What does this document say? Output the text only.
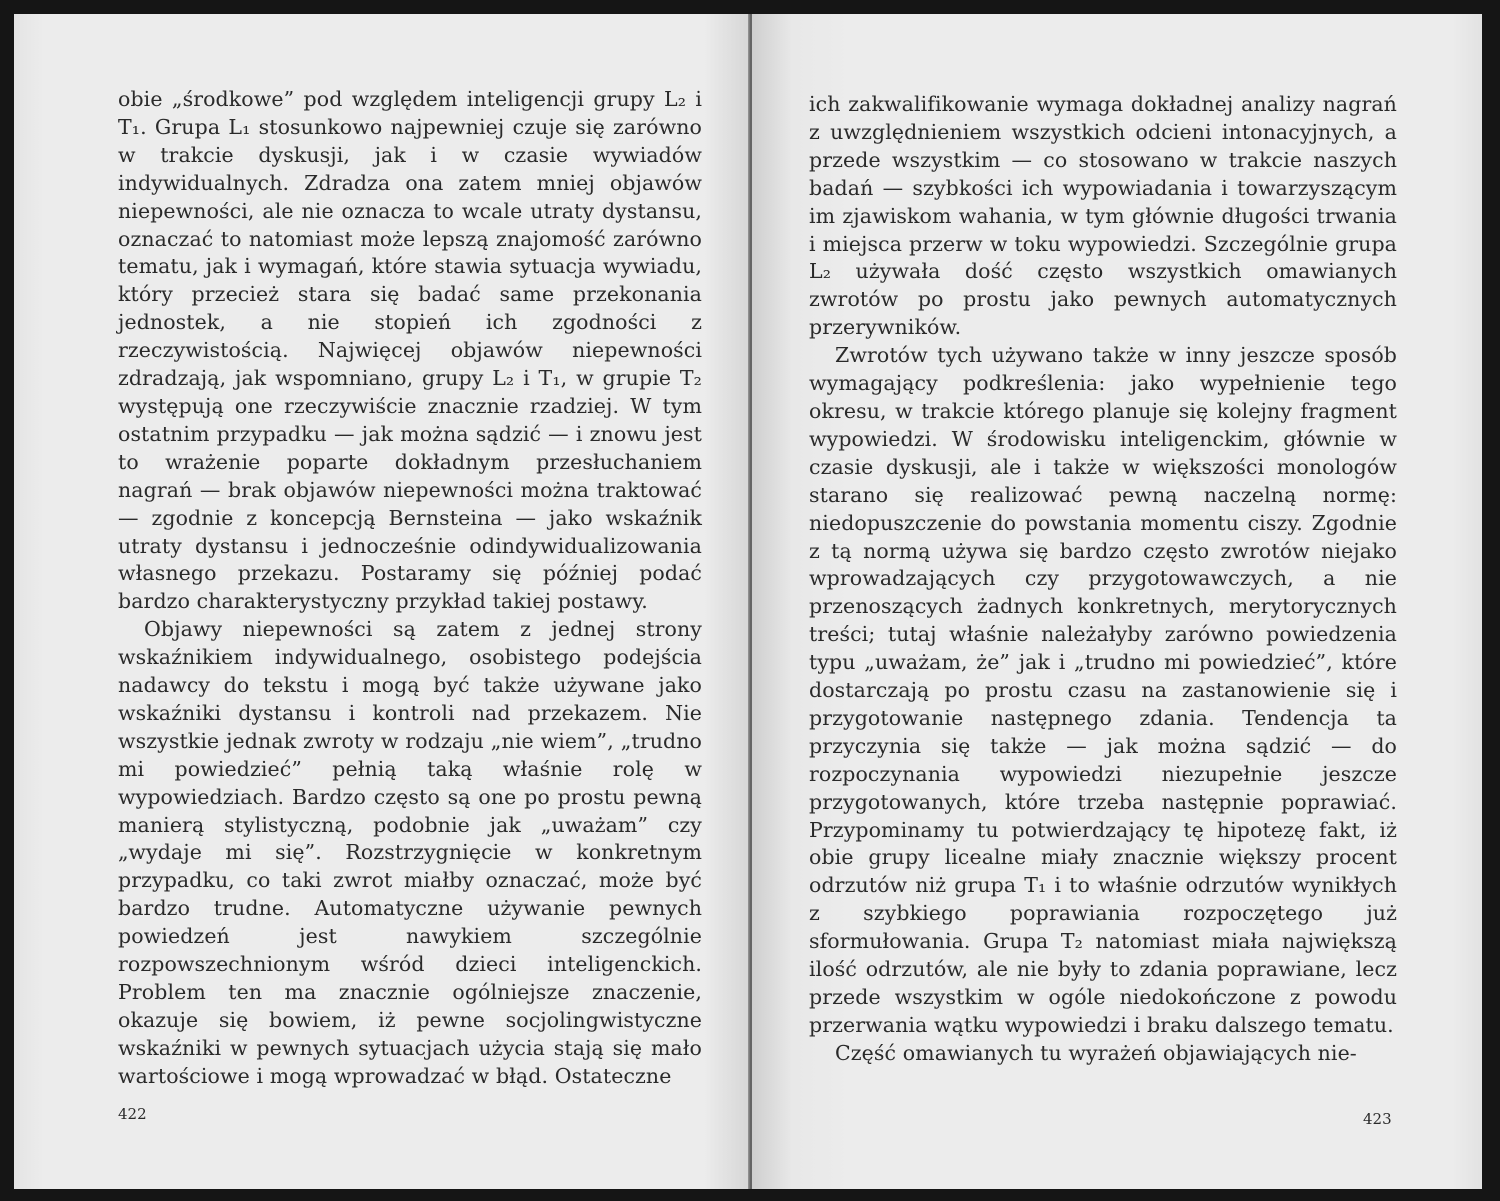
obie „środkowe” pod względem inteligencji grupy L₂ i T₁. Grupa L₁ stosunkowo najpewniej czuje się zarówno w trakcie dyskusji, jak i w czasie wywiadów indywidualnych. Zdradza ona zatem mniej objawów niepewności, ale nie oznacza to wcale utraty dystansu, oznaczać to natomiast może lepszą znajomość zarówno tematu, jak i wymagań, które stawia sytuacja wywiadu, który przecież stara się badać same przekonania jednostek, a nie stopień ich zgodności z rzeczywistością. Najwięcej objawów niepewności zdradzają, jak wspomniano, grupy L₂ i T₁, w grupie T₂ występują one rzeczywiście znacznie rzadziej. W tym ostatnim przypadku — jak można sądzić — i znowu jest to wrażenie poparte dokładnym przesłuchaniem nagrań — brak objawów niepewności można traktować — zgodnie z koncepcją Bernsteina — jako wskaźnik utraty dystansu i jednocześnie odindywidualizowania własnego przekazu. Postaramy się później podać bardzo charakterystyczny przykład takiej postawy.

Objawy niepewności są zatem z jednej strony wskaźnikiem indywidualnego, osobistego podejścia nadawcy do tekstu i mogą być także używane jako wskaźniki dystansu i kontroli nad przekazem. Nie wszystkie jednak zwroty w rodzaju „nie wiem”, „trudno mi powiedzieć” pełnią taką właśnie rolę w wypowiedziach. Bardzo często są one po prostu pewną manierą stylistyczną, podobnie jak „uważam” czy „wydaje mi się”. Rozstrzygnięcie w konkretnym przypadku, co taki zwrot miałby oznaczać, może być bardzo trudne. Automatyczne używanie pewnych powiedzeń jest nawykiem szczególnie rozpowszechnionym wśród dzieci inteligenckich. Problem ten ma znacznie ogólniejsze znaczenie, okazuje się bowiem, iż pewne socjolingwistyczne wskaźniki w pewnych sytuacjach użycia stają się mało wartościowe i mogą wprowadzać w błąd. Ostateczne

422

ich zakwalifikowanie wymaga dokładnej analizy nagrań z uwzględnieniem wszystkich odcieni intonacyjnych, a przede wszystkim — co stosowano w trakcie naszych badań — szybkości ich wypowiadania i towarzyszącym im zjawiskom wahania, w tym głównie długości trwania i miejsca przerw w toku wypowiedzi. Szczególnie grupa L₂ używała dość często wszystkich omawianych zwrotów po prostu jako pewnych automatycznych przerywników.

Zwrotów tych używano także w inny jeszcze sposób wymagający podkreślenia: jako wypełnienie tego okresu, w trakcie którego planuje się kolejny fragment wypowiedzi. W środowisku inteligenckim, głównie w czasie dyskusji, ale i także w większości monologów starano się realizować pewną naczelną normę: niedopuszczenie do powstania momentu ciszy. Zgodnie z tą normą używa się bardzo często zwrotów niejako wprowadzających czy przygotowawczych, a nie przenoszących żadnych konkretnych, merytorycznych treści; tutaj właśnie należałyby zarówno powiedzenia typu „uważam, że” jak i „trudno mi powiedzieć”, które dostarczają po prostu czasu na zastanowienie się i przygotowanie następnego zdania. Tendencja ta przyczynia się także — jak można sądzić — do rozpoczynania wypowiedzi niezupełnie jeszcze przygotowanych, które trzeba następnie poprawiać. Przypominamy tu potwierdzający tę hipotezę fakt, iż obie grupy licealne miały znacznie większy procent odrzutów niż grupa T₁ i to właśnie odrzutów wynikłych z szybkiego poprawiania rozpoczętego już sformułowania. Grupa T₂ natomiast miała największą ilość odrzutów, ale nie były to zdania poprawiane, lecz przede wszystkim w ogóle niedokończone z powodu przerwania wątku wypowiedzi i braku dalszego tematu.

Część omawianych tu wyrażeń objawiających nie-

423
